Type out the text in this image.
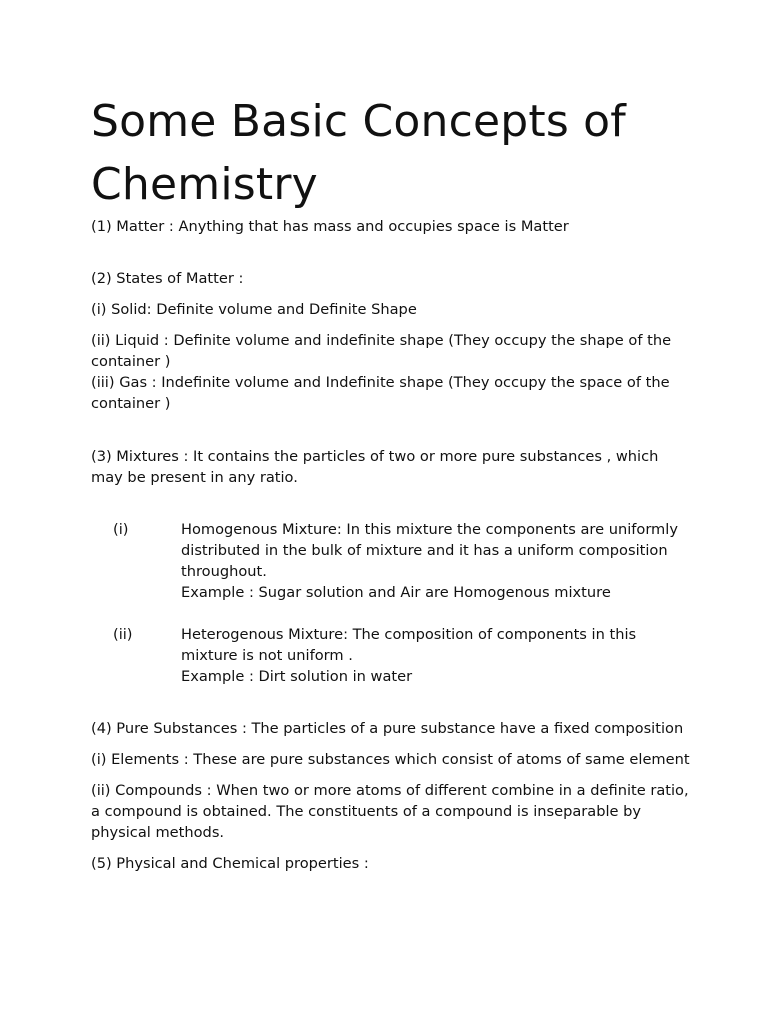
Some Basic Concepts of Chemistry

(1) Matter : Anything that has mass and occupies space is Matter

(2) States of Matter :

(i) Solid: Definite volume and Definite Shape

(ii) Liquid : Definite volume and indefinite shape (They occupy the shape of the container )

(iii) Gas : Indefinite volume and Indefinite shape (They occupy the space of the container )

(3) Mixtures : It contains the particles of two or more pure substances , which may be present in any ratio.

(i)	Homogenous Mixture: In this mixture the components are uniformly distributed in the bulk of mixture and it has a uniform composition throughout.

Example : Sugar solution and Air are Homogenous mixture

(ii)	Heterogenous Mixture: The composition of components in this mixture is not uniform .

Example : Dirt solution in water

(4) Pure Substances : The particles of a pure substance have a fixed composition

(i) Elements : These are pure substances which consist of atoms of same element

(ii) Compounds : When two or more atoms of different combine in a definite ratio, a compound is obtained. The constituents of a compound is inseparable by physical methods.

(5) Physical and Chemical properties :
